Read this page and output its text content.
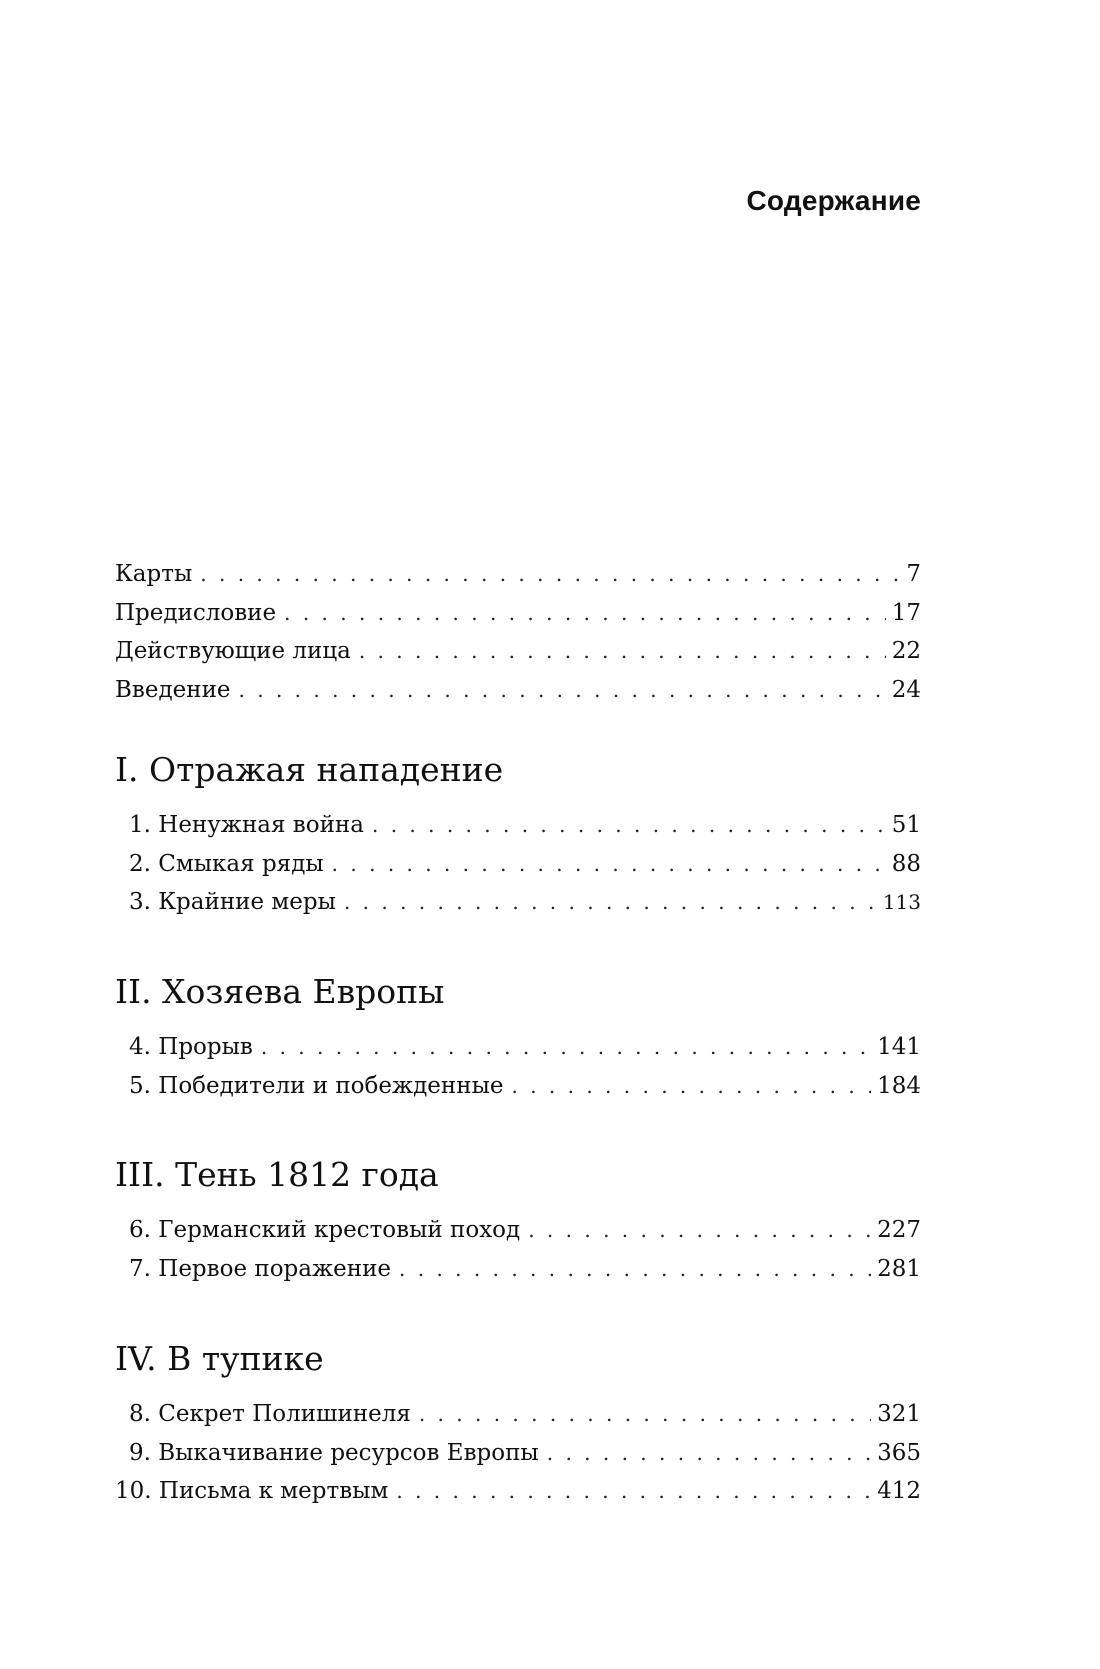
Содержание
Карты . . .	7
Предисловие . . .	17
Действующие лица . . .	22
Введение . . .	24
I. Отражая нападение
1. Ненужная война . . .	51
2. Смыкая ряды . . .	88
3. Крайние меры . . .	113
II. Хозяева Европы
4. Прорыв . . .	141
5. Победители и побежденные . . .	184
III. Тень 1812 года
6. Германский крестовый поход . . .	227
7. Первое поражение . . .	281
IV. В тупике
8. Секрет Полишинеля . . .	321
9. Выкачивание ресурсов Европы . . .	365
10. Письма к мертвым . . .	412
